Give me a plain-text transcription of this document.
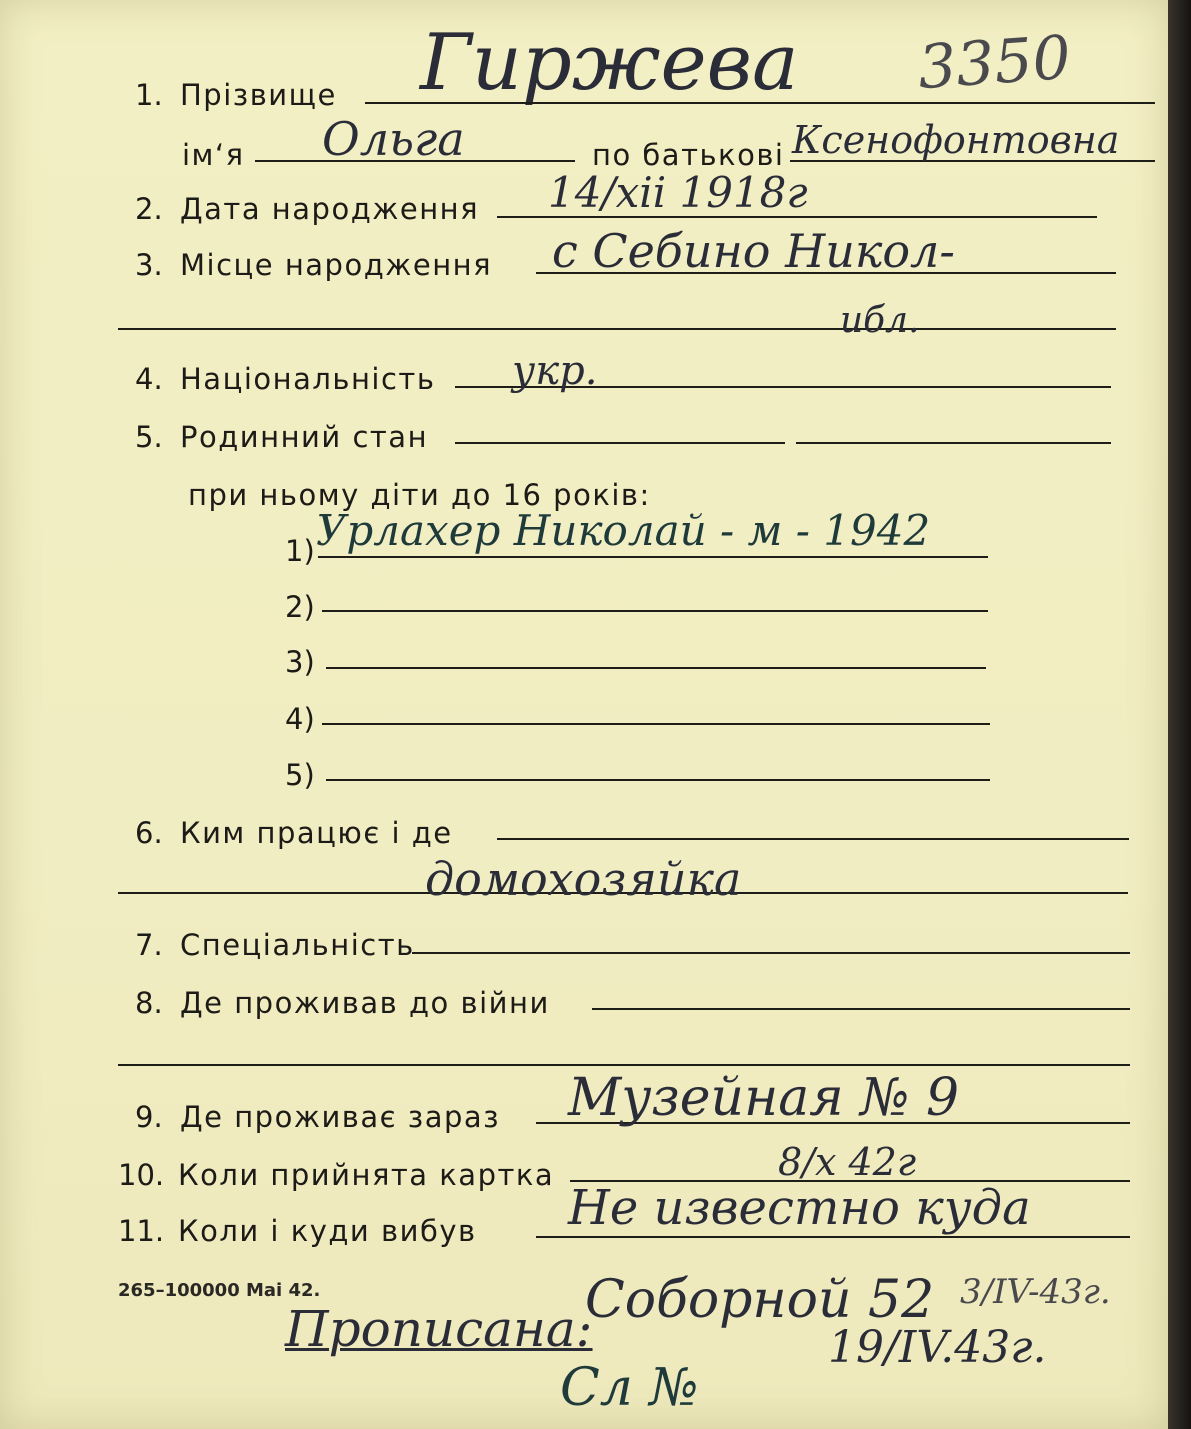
Гиржева 3350
1. Прізвище
ім‘я Ольга	по батькові Ксенофонтовна
2. Дата народження 14/xii 1918г
3. Місце народження с Себино Никол-
ибл.
4. Національність укр.
5. Родинний стан
при ньому діти до 16 років:
1) Урлахер Николай - м - 1942
2)
3)
4)
5)
6. Ким працює і де
домохозяйка
7. Спеціальність
8. Де проживав до війни
9. Де проживає зараз Музейная № 9
10. Коли прийнята картка	8/х 42г
11. Коли і куди вибув Не известно куда
265–100000 Mai 42.
Прописана:
Соборной 52 3/IV-43г.
19/IV.43г.
Сл №
